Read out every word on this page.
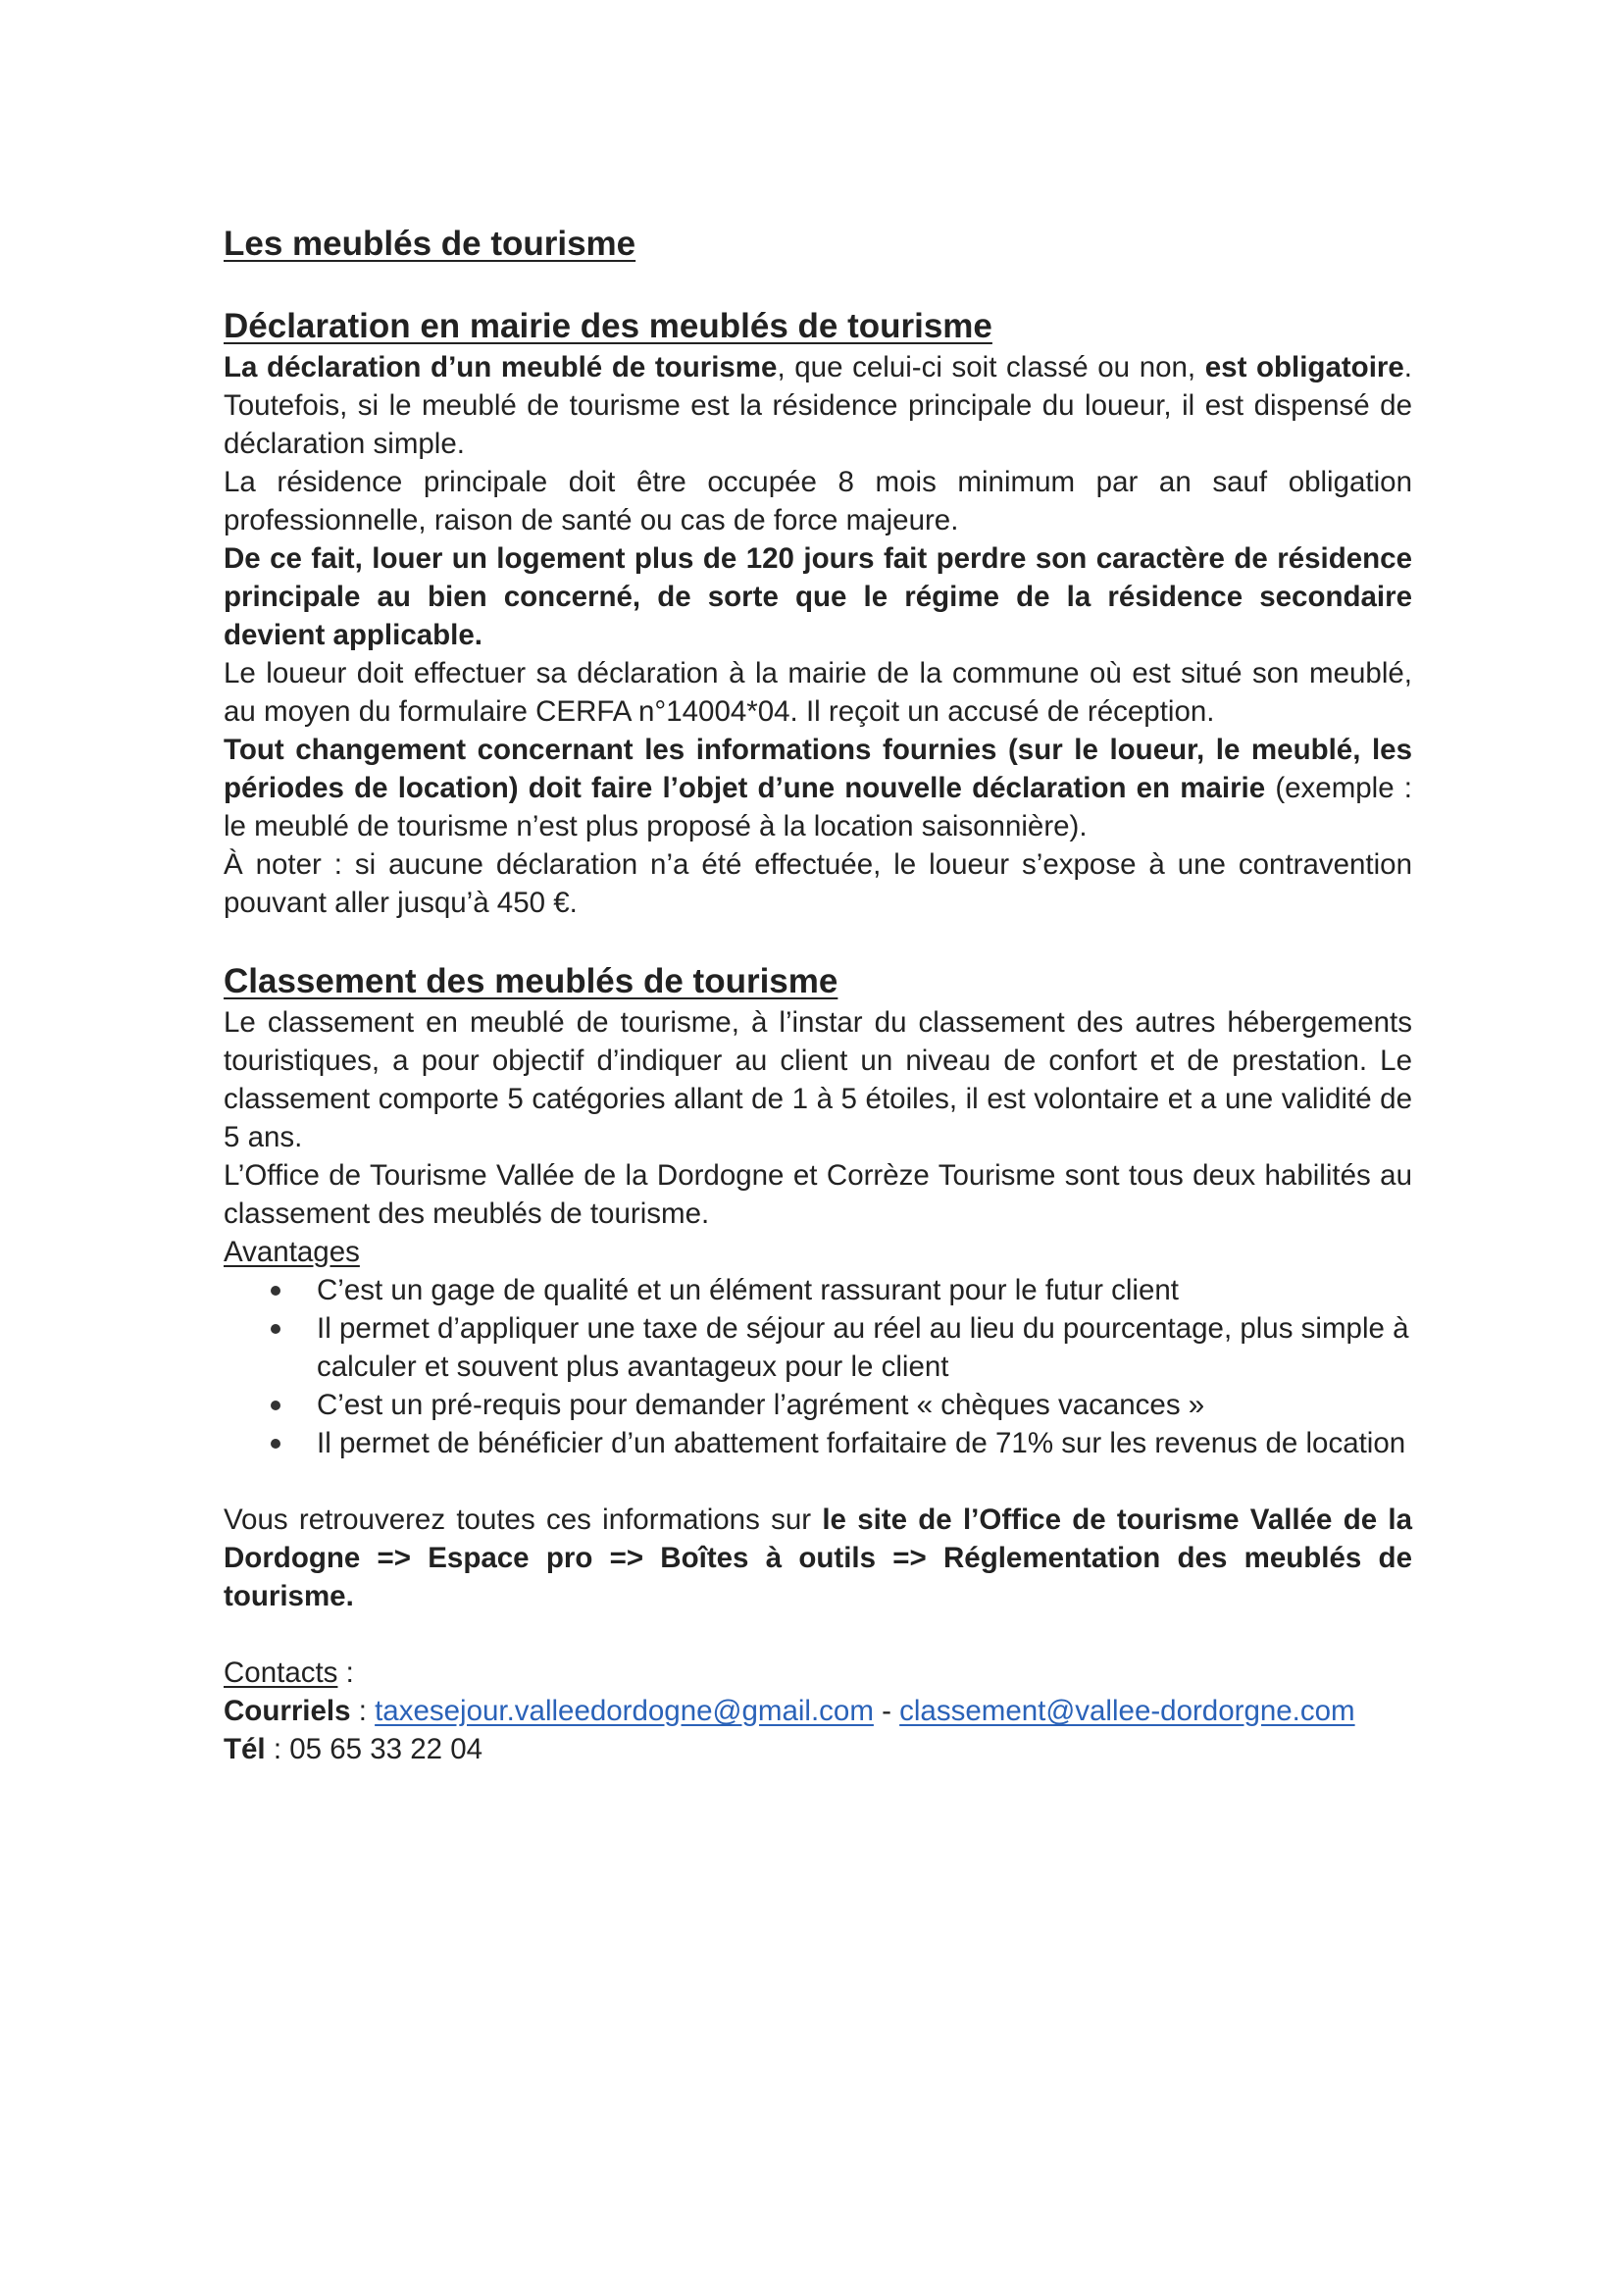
Les meublés de tourisme
Déclaration en mairie des meublés de tourisme

La déclaration d’un meublé de tourisme, que celui-ci soit classé ou non, est obligatoire. Toutefois, si le meublé de tourisme est la résidence principale du loueur, il est dispensé de déclaration simple.

La résidence principale doit être occupée 8 mois minimum par an sauf obligation professionnelle, raison de santé ou cas de force majeure.

De ce fait, louer un logement plus de 120 jours fait perdre son caractère de résidence principale au bien concerné, de sorte que le régime de la résidence secondaire devient applicable.

Le loueur doit effectuer sa déclaration à la mairie de la commune où est situé son meublé, au moyen du formulaire CERFA n°14004*04. Il reçoit un accusé de réception.

Tout changement concernant les informations fournies (sur le loueur, le meublé, les périodes de location) doit faire l’objet d’une nouvelle déclaration en mairie (exemple : le meublé de tourisme n’est plus proposé à la location saisonnière).

À noter : si aucune déclaration n’a été effectuée, le loueur s’expose à une contravention pouvant aller jusqu’à 450 €.

Classement des meublés de tourisme

Le classement en meublé de tourisme, à l’instar du classement des autres hébergements touristiques, a pour objectif d’indiquer au client un niveau de confort et de prestation. Le classement comporte 5 catégories allant de 1 à 5 étoiles, il est volontaire et a une validité de 5 ans.

L’Office de Tourisme Vallée de la Dordogne et Corrèze Tourisme sont tous deux habilités au classement des meublés de tourisme.

Avantages

C’est un gage de qualité et un élément rassurant pour le futur client
Il permet d’appliquer une taxe de séjour au réel au lieu du pourcentage, plus simple à calculer et souvent plus avantageux pour le client
C’est un pré-requis pour demander l’agrément « chèques vacances »
Il permet de bénéficier d’un abattement forfaitaire de 71% sur les revenus de location

Vous retrouverez toutes ces informations sur le site de l’Office de tourisme Vallée de la Dordogne => Espace pro => Boîtes à outils => Réglementation des meublés de tourisme.

Contacts :
Courriels : taxesejour.valleedordogne@gmail.com - classement@vallee-dordorgne.com
Tél : 05 65 33 22 04
